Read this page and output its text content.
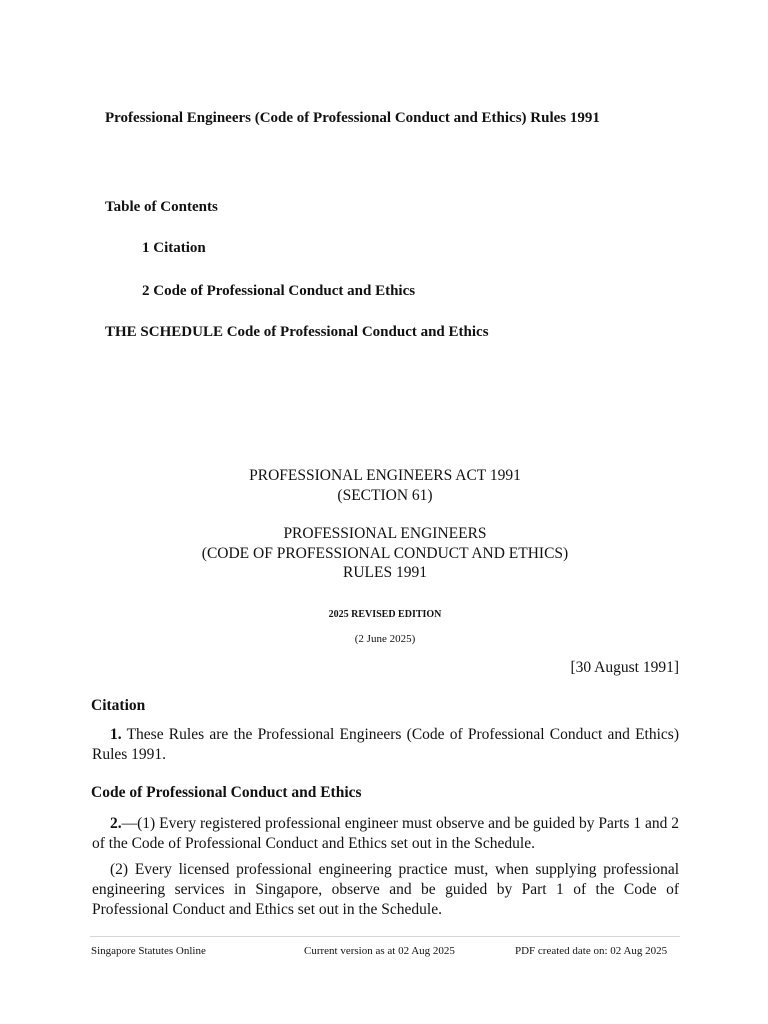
Professional Engineers (Code of Professional Conduct and Ethics) Rules 1991
Table of Contents
1 Citation
2 Code of Professional Conduct and Ethics
THE SCHEDULE Code of Professional Conduct and Ethics
PROFESSIONAL ENGINEERS ACT 1991
(SECTION 61)
PROFESSIONAL ENGINEERS
(CODE OF PROFESSIONAL CONDUCT AND ETHICS)
RULES 1991
2025 REVISED EDITION
(2 June 2025)
[30 August 1991]
Citation
1. These Rules are the Professional Engineers (Code of Professional Conduct and Ethics) Rules 1991.
Code of Professional Conduct and Ethics
2.—(1) Every registered professional engineer must observe and be guided by Parts 1 and 2 of the Code of Professional Conduct and Ethics set out in the Schedule.
(2) Every licensed professional engineering practice must, when supplying professional engineering services in Singapore, observe and be guided by Part 1 of the Code of Professional Conduct and Ethics set out in the Schedule.
Singapore Statutes Online	Current version as at 02 Aug 2025	PDF created date on: 02 Aug 2025
